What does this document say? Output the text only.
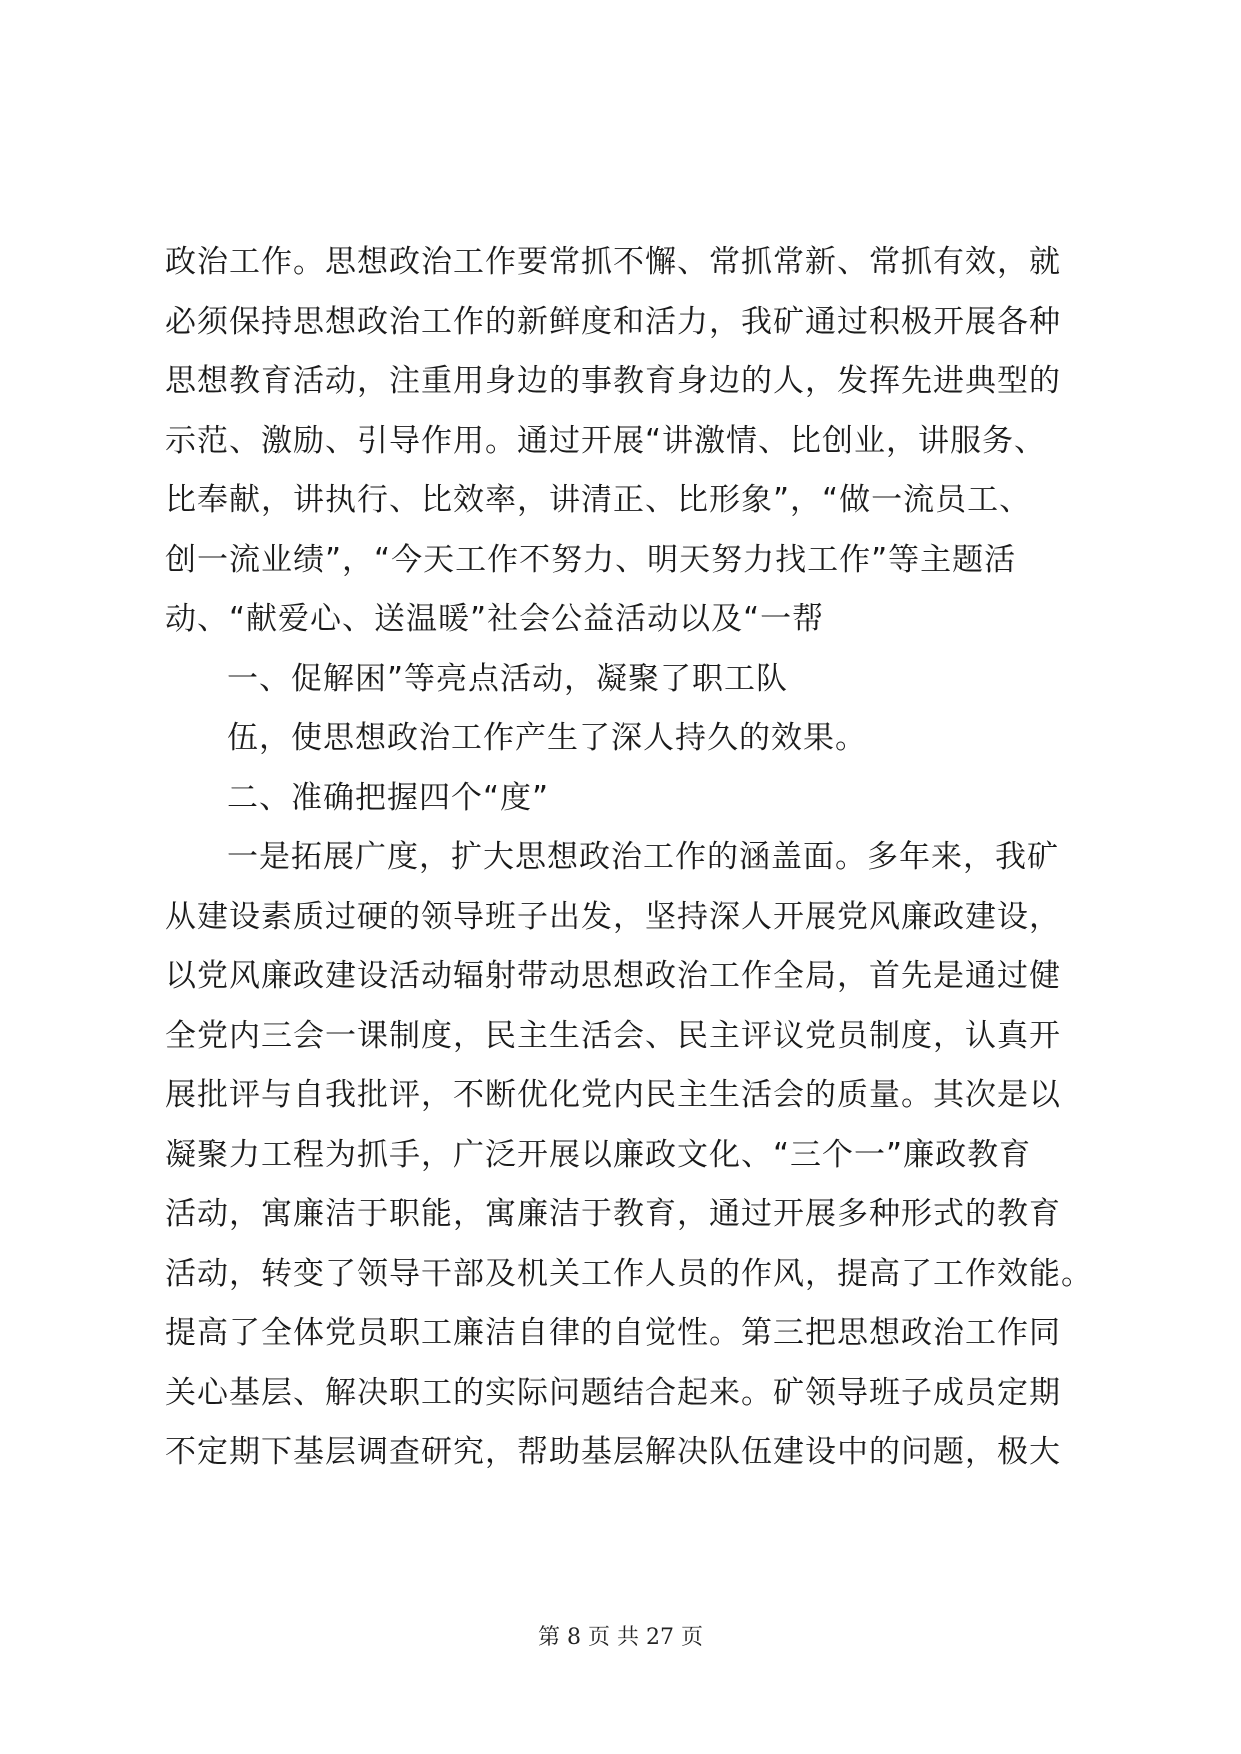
政治工作。思想政治工作要常抓不懈、常抓常新、常抓有效，就
必须保持思想政治工作的新鲜度和活力，我矿通过积极开展各种
思想教育活动，注重用身边的事教育身边的人，发挥先进典型的
示范、激励、引导作用。通过开展“讲激情、比创业，讲服务、
比奉献，讲执行、比效率，讲清正、比形象”，“做一流员工、
创一流业绩”，“今天工作不努力、明天努力找工作”等主题活
动、“献爱心、送温暖”社会公益活动以及“一帮
一、促解困”等亮点活动，凝聚了职工队
伍，使思想政治工作产生了深人持久的效果。
二、准确把握四个“度”
一是拓展广度，扩大思想政治工作的涵盖面。多年来，我矿
从建设素质过硬的领导班子出发，坚持深人开展党风廉政建设，
以党风廉政建设活动辐射带动思想政治工作全局，首先是通过健
全党内三会一课制度，民主生活会、民主评议党员制度，认真开
展批评与自我批评，不断优化党内民主生活会的质量。其次是以
凝聚力工程为抓手，广泛开展以廉政文化、“三个一”廉政教育
活动，寓廉洁于职能，寓廉洁于教育，通过开展多种形式的教育
活动，转变了领导干部及机关工作人员的作风，提高了工作效能。
提高了全体党员职工廉洁自律的自觉性。第三把思想政治工作同
关心基层、解决职工的实际问题结合起来。矿领导班子成员定期
不定期下基层调查研究，帮助基层解决队伍建设中的问题，极大
第 8 页 共 27 页
